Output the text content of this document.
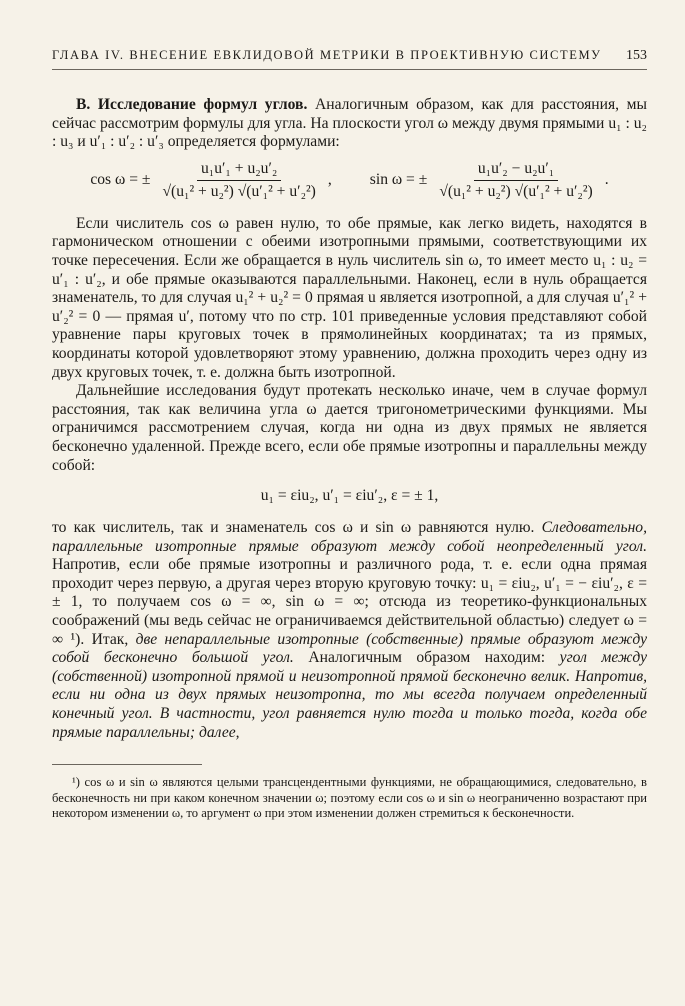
ГЛАВА IV. ВНЕСЕНИЕ ЕВКЛИДОВОЙ МЕТРИКИ В ПРОЕКТИВНУЮ СИСТЕМУ 153

B. Исследование формул углов. Аналогичным образом, как для расстояния, мы сейчас рассмотрим формулы для угла. На плоскости угол ω между двумя прямыми u₁ : u₂ : u₃ и u′₁ : u′₂ : u′₃ определяется формулами:

cos ω = ± $\frac{\text{u₁u′₁ + u₂u′₂}}{\text{√(u₁² + u₂²) √(u′₁² + u′₂²)}}$ , sin ω = ± $\frac{\text{u₁u′₂ − u₂u′₁}}{\text{√(u₁² + u₂²) √(u′₁² + u′₂²)}}$ .

Если числитель cos ω равен нулю, то обе прямые, как легко видеть, находятся в гармоническом отношении с обеими изотропными прямыми, соответствующими их точке пересечения. Если же обращается в нуль числитель sin ω, то имеет место u₁ : u₂ = u′₁ : u′₂, и обе прямые оказываются параллельными. Наконец, если в нуль обращается знаменатель, то для случая u₁² + u₂² = 0 прямая u является изотропной, а для случая u′₁² + u′₂² = 0 — прямая u′, потому что по стр. 101 приведенные условия представляют собой уравнение пары круговых точек в прямолинейных координатах; та из прямых, координаты которой удовлетворяют этому уравнению, должна проходить через одну из двух круговых точек, т. е. должна быть изотропной.

Дальнейшие исследования будут протекать несколько иначе, чем в случае формул расстояния, так как величина угла ω дается тригонометрическими функциями. Мы ограничимся рассмотрением случая, когда ни одна из двух прямых не является бесконечно удаленной. Прежде всего, если обе прямые изотропны и параллельны между собой:

u₁ = εiu₂, u′₁ = εiu′₂, ε = ± 1,

то как числитель, так и знаменатель cos ω и sin ω равняются нулю. Следовательно, параллельные изотропные прямые образуют между собой неопределенный угол. Напротив, если обе прямые изотропны и различного рода, т. е. если одна прямая проходит через первую, а другая через вторую круговую точку: u₁ = εiu₂, u′₁ = − εiu′₂, ε = ± 1, то получаем cos ω = ∞, sin ω = ∞; отсюда из теоретико-функциональных соображений (мы ведь сейчас не ограничиваемся действительной областью) следует ω = ∞ ¹). Итак, две непараллельные изотропные (собственные) прямые образуют между собой бесконечно большой угол. Аналогичным образом находим: угол между (собственной) изотропной прямой и неизотропной прямой бесконечно велик. Напротив, если ни одна из двух прямых неизотропна, то мы всегда получаем определенный конечный угол. В частности, угол равняется нулю тогда и только тогда, когда обе прямые параллельны; далее,

¹) cos ω и sin ω являются целыми трансцендентными функциями, не обращающимися, следовательно, в бесконечность ни при каком конечном значении ω; поэтому если cos ω и sin ω неограниченно возрастают при некотором изменении ω, то аргумент ω при этом изменении должен стремиться к бесконечности.
